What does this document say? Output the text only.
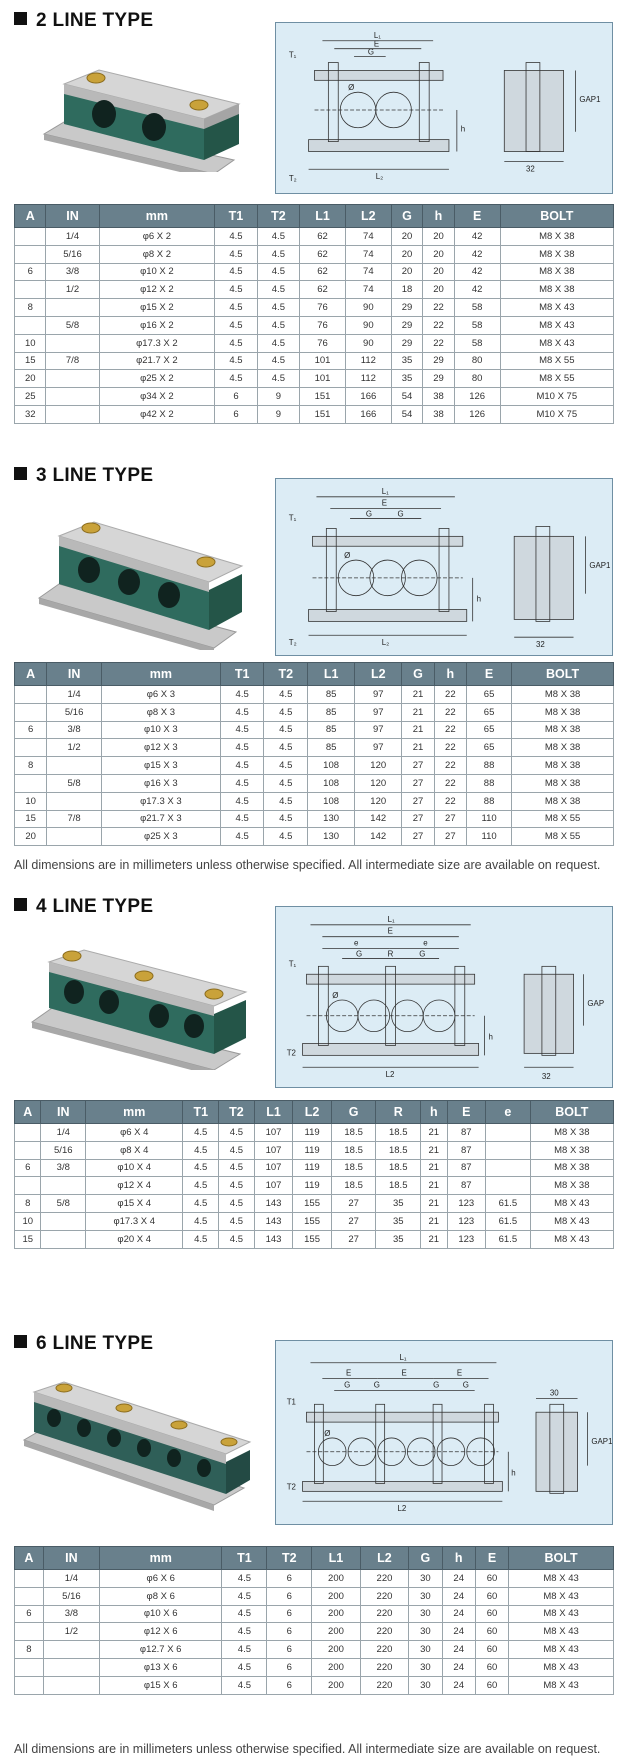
2 LINE TYPE
L₁
E
G
T₁
T₂	L₂
h
32
GAP1
Ø
A	IN	mm	T1	T2	L1	L2	G	h	E	BOLT
	1/4	φ6 X 2	4.5	4.5	62	74	20	20	42	M8 X 38
	5/16	φ8 X 2	4.5	4.5	62	74	20	20	42	M8 X 38
6	3/8	φ10 X 2	4.5	4.5	62	74	20	20	42	M8 X 38
	1/2	φ12 X 2	4.5	4.5	62	74	18	20	42	M8 X 38
8		φ15 X 2	4.5	4.5	76	90	29	22	58	M8 X 43
	5/8	φ16 X 2	4.5	4.5	76	90	29	22	58	M8 X 43
10		φ17.3 X 2	4.5	4.5	76	90	29	22	58	M8 X 43
15	7/8	φ21.7 X 2	4.5	4.5	101	112	35	29	80	M8 X 55
20		φ25 X 2	4.5	4.5	101	112	35	29	80	M8 X 55
25		φ34 X 2	6	9	151	166	54	38	126	M10 X 75
32		φ42 X 2	6	9	151	166	54	38	126	M10 X 75
3 LINE TYPE
L₁
E
G	G
T₁
T₂	L₂
h
32
GAP1
Ø
A	IN	mm	T1	T2	L1	L2	G	h	E	BOLT
	1/4	φ6 X 3	4.5	4.5	85	97	21	22	65	M8 X 38
	5/16	φ8 X 3	4.5	4.5	85	97	21	22	65	M8 X 38
6	3/8	φ10 X 3	4.5	4.5	85	97	21	22	65	M8 X 38
	1/2	φ12 X 3	4.5	4.5	85	97	21	22	65	M8 X 38
8		φ15 X 3	4.5	4.5	108	120	27	22	88	M8 X 38
	5/8	φ16 X 3	4.5	4.5	108	120	27	22	88	M8 X 38
10		φ17.3 X 3	4.5	4.5	108	120	27	22	88	M8 X 38
15	7/8	φ21.7 X 3	4.5	4.5	130	142	27	27	110	M8 X 55
20		φ25 X 3	4.5	4.5	130	142	27	27	110	M8 X 55
All dimensions are in millimeters unless otherwise specified. All intermediate size are available on request.
4 LINE TYPE
L₁
E
e	e
G	R	G
T₁
T2
L2
h
32
GAP
Ø
A	IN	mm	T1	T2	L1	L2	G	R	h	E	e	BOLT
	1/4	φ6 X 4	4.5	4.5	107	119	18.5	18.5	21	87		M8 X 38
	5/16	φ8 X 4	4.5	4.5	107	119	18.5	18.5	21	87		M8 X 38
6	3/8	φ10 X 4	4.5	4.5	107	119	18.5	18.5	21	87		M8 X 38
		φ12 X 4	4.5	4.5	107	119	18.5	18.5	21	87		M8 X 38
8	5/8	φ15 X 4	4.5	4.5	143	155	27	35	21	123	61.5	M8 X 43
10		φ17.3 X 4	4.5	4.5	143	155	27	35	21	123	61.5	M8 X 43
15		φ20 X 4	4.5	4.5	143	155	27	35	21	123	61.5	M8 X 43
6 LINE TYPE
L₁
E	E	E
G	G	G	G
T1
T2
L2
h
30
GAP1
Ø
A	IN	mm	T1	T2	L1	L2	G	h	E	BOLT
	1/4	φ6 X 6	4.5	6	200	220	30	24	60	M8 X 43
	5/16	φ8 X 6	4.5	6	200	220	30	24	60	M8 X 43
6	3/8	φ10 X 6	4.5	6	200	220	30	24	60	M8 X 43
	1/2	φ12 X 6	4.5	6	200	220	30	24	60	M8 X 43
8		φ12.7 X 6	4.5	6	200	220	30	24	60	M8 X 43
		φ13 X 6	4.5	6	200	220	30	24	60	M8 X 43
		φ15 X 6	4.5	6	200	220	30	24	60	M8 X 43
All dimensions are in millimeters unless otherwise specified. All intermediate size are available on request.
